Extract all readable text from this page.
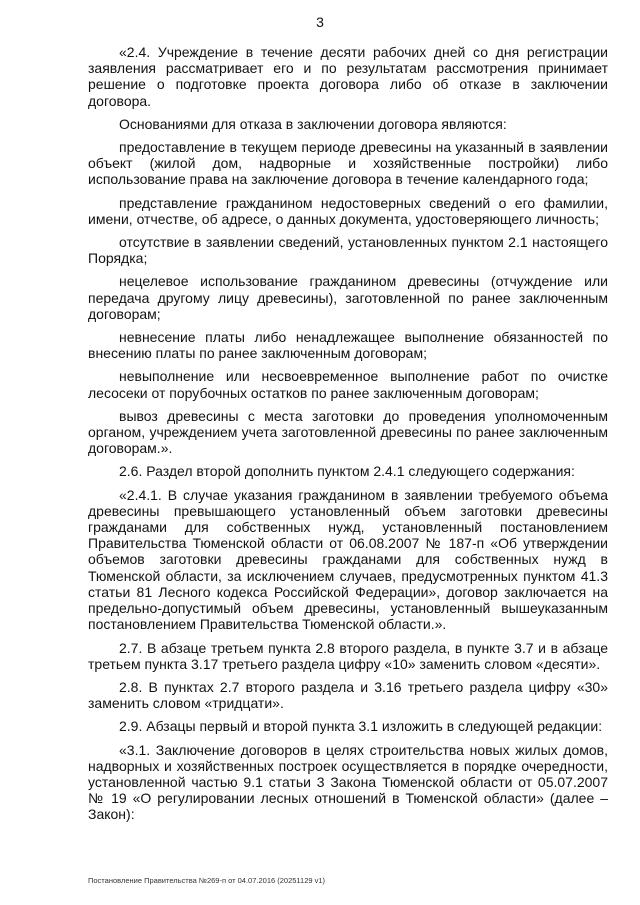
3

«2.4. Учреждение в течение десяти рабочих дней со дня регистрации заявления рассматривает его и по результатам рассмотрения принимает решение о подготовке проекта договора либо об отказе в заключении договора.

Основаниями для отказа в заключении договора являются:

предоставление в текущем периоде древесины на указанный в заявлении объект (жилой дом, надворные и хозяйственные постройки) либо использование права на заключение договора в течение календарного года;

представление гражданином недостоверных сведений о его фамилии, имени, отчестве, об адресе, о данных документа, удостоверяющего личность;

отсутствие в заявлении сведений, установленных пунктом 2.1 настоящего Порядка;

нецелевое использование гражданином древесины (отчуждение или передача другому лицу древесины), заготовленной по ранее заключенным договорам;

невнесение платы либо ненадлежащее выполнение обязанностей по внесению платы по ранее заключенным договорам;

невыполнение или несвоевременное выполнение работ по очистке лесосеки от порубочных остатков по ранее заключенным договорам;

вывоз древесины с места заготовки до проведения уполномоченным органом, учреждением учета заготовленной древесины по ранее заключенным договорам.».

2.6. Раздел второй дополнить пунктом 2.4.1 следующего содержания:

«2.4.1. В случае указания гражданином в заявлении требуемого объема древесины превышающего установленный объем заготовки древесины гражданами для собственных нужд, установленный постановлением Правительства Тюменской области от 06.08.2007 № 187-п «Об утверждении объемов заготовки древесины гражданами для собственных нужд в Тюменской области, за исключением случаев, предусмотренных пунктом 41.3 статьи 81 Лесного кодекса Российской Федерации», договор заключается на предельно-допустимый объем древесины, установленный вышеуказанным постановлением Правительства Тюменской области.».

2.7. В абзаце третьем пункта 2.8 второго раздела, в пункте 3.7 и в абзаце третьем пункта 3.17 третьего раздела цифру «10» заменить словом «десяти».

2.8. В пунктах 2.7 второго раздела и 3.16 третьего раздела цифру «30» заменить словом «тридцати».

2.9. Абзацы первый и второй пункта 3.1 изложить в следующей редакции:

«3.1. Заключение договоров в целях строительства новых жилых домов, надворных и хозяйственных построек осуществляется в порядке очередности, установленной частью 9.1 статьи 3 Закона Тюменской области от 05.07.2007 № 19 «О регулировании лесных отношений в Тюменской области» (далее – Закон):

Постановление Правительства №269-п от 04.07.2016 (20251129 v1)
